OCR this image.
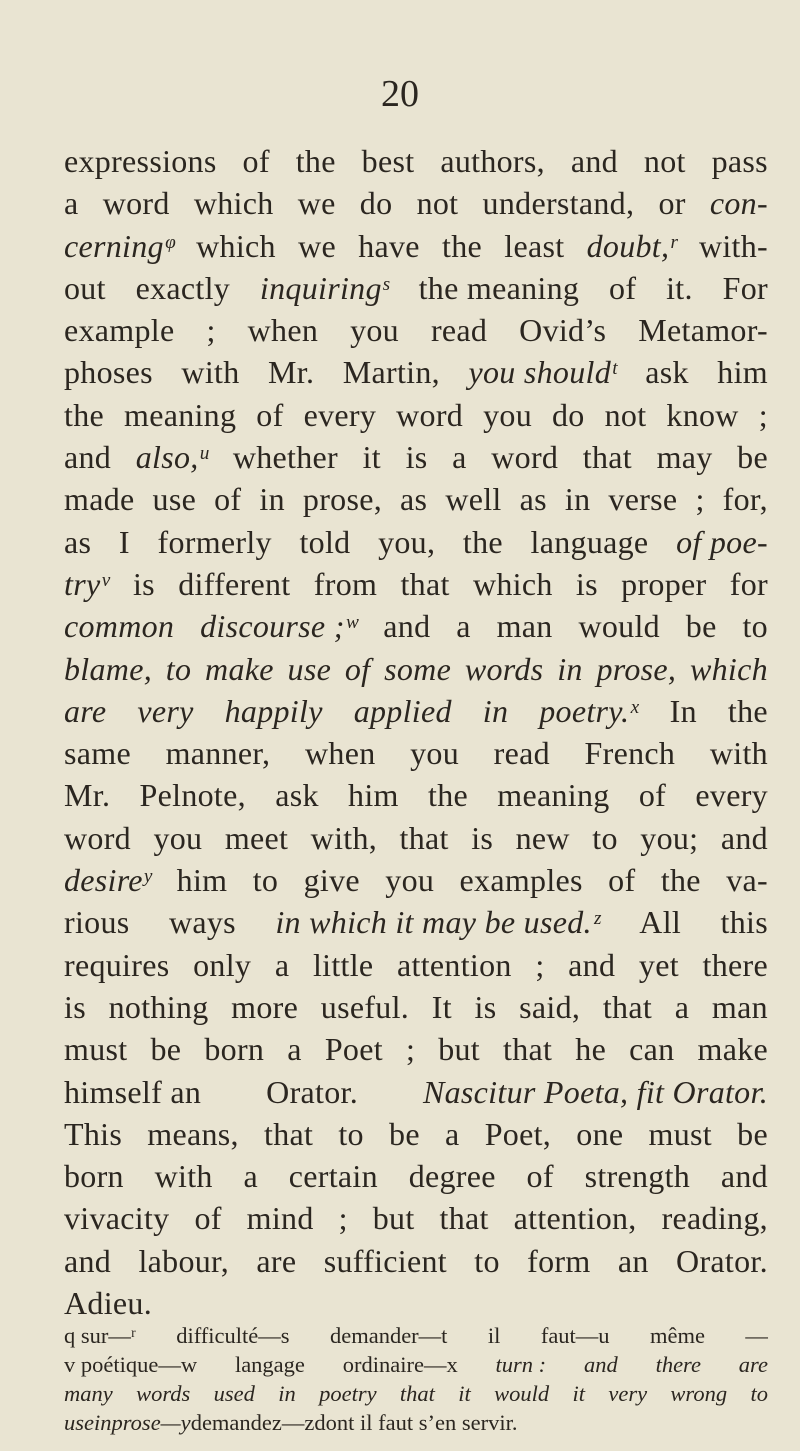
20
expressions of the best authors, and not pass
a word which we do not understand, or con-
cerningᵠ which we have the least doubt,ʳ with-
out exactly inquiringˢ the meaning of it. For
example ; when you read Ovid’s Metamor-
phoses with Mr. Martin, you shouldᵗ ask him
the meaning of every word you do not know ;
and also,ᵘ whether it is a word that may be
made use of in prose, as well as in verse ; for,
as I formerly told you, the language of poe-
tryᵛ is different from that which is proper for
common discourse ;ʷ and a man would be to
blame, to make use of some words in prose, which
are very happily applied in poetry.ˣ In the
same manner, when you read French with
Mr. Pelnote, ask him the meaning of every
word you meet with, that is new to you; and
desireʸ him to give you examples of the va-
rious ways in which it may be used.ᶻ All this
requires only a little attention ; and yet there
is nothing more useful. It is said, that a man
must be born a Poet ; but that he can make
himself an Orator. Nascitur Poeta, fit Orator.
This means, that to be a Poet, one must be
born with a certain degree of strength and
vivacity of mind ; but that attention, reading,
and labour, are sufficient to form an Orator.
Adieu.
q sur—ʳ difficulté—s demander—t il faut—u même —
v poétique—w langage ordinaire—x turn : and there are
many words used in poetry that it would it very wrong to
use in prose—y demandez—z dont il faut s’en servir.
